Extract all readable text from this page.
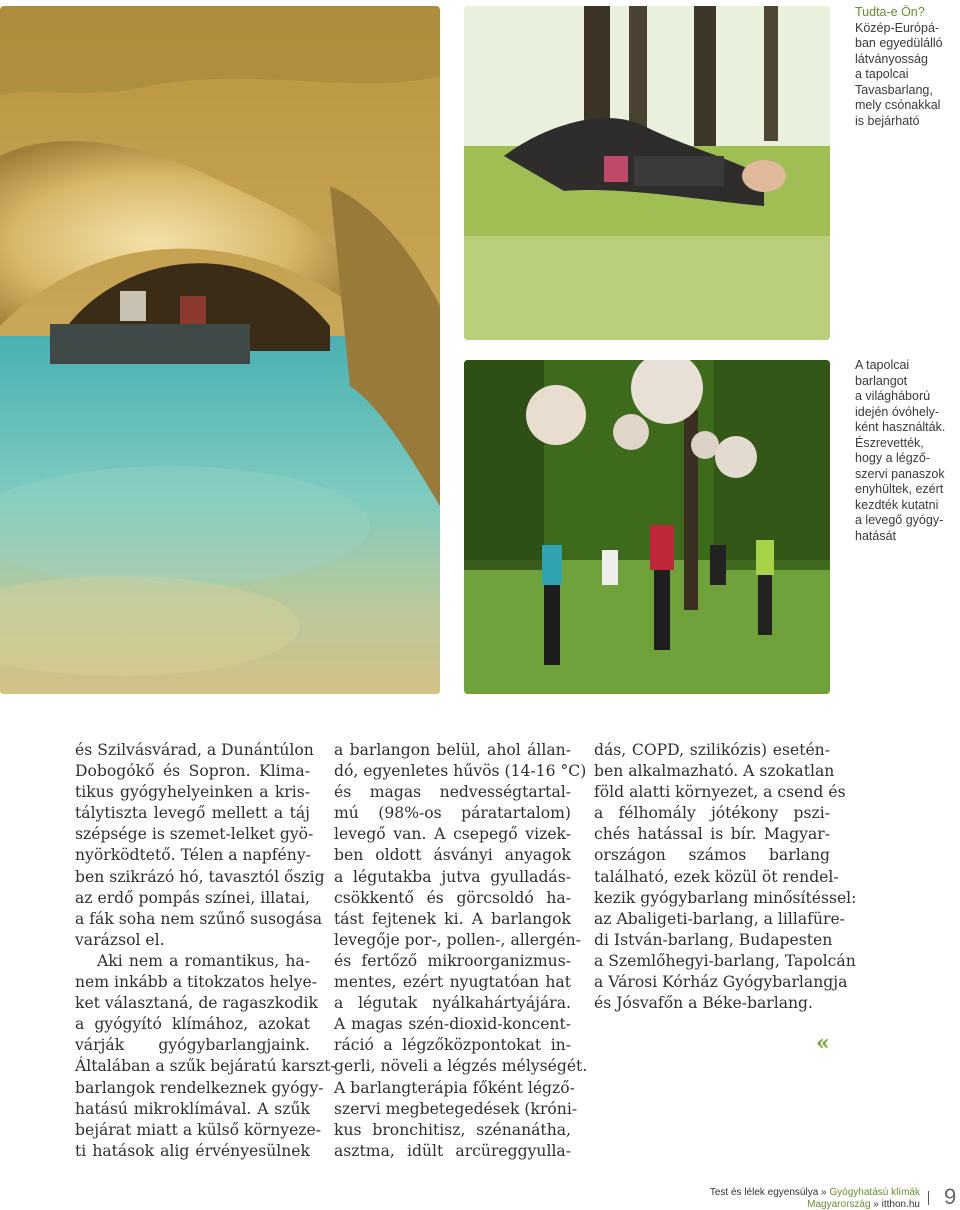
Tudta-e Ön?
Közép-Európá-
ban egyedülálló
látványosság
a tapolcai
Tavasbarlang,
mely csónakkal
is bejárható
A tapolcai
barlangot
a világháború
idején óvóhely-
ként használták.
Észrevették,
hogy a légző-
szervi panaszok
enyhültek, ezért
kezdték kutatni
a levegő gyógy-
hatását

és Szilvásvárad, a Dunántúlon
Dobogókő és Sopron. Klima-
tikus gyógyhelyeinken a kris-
tálytiszta levegő mellett a táj
szépsége is szemet-lelket gyö-
nyörködtető. Télen a napfény-
ben szikrázó hó, tavasztól őszig
az erdő pompás színei, illatai,
a fák soha nem szűnő susogása
varázsol el.

Aki nem a romantikus, ha-
nem inkább a titokzatos helye-
ket választaná, de ragaszkodik
a gyógyító klímához, azokat
várják gyógybarlangjaink.
Általában a szűk bejáratú karszt-
barlangok rendelkeznek gyógy-
hatású mikroklímával. A szűk
bejárat miatt a külső környeze-
ti hatások alig érvényesülnek

a barlangon belül, ahol állan-
dó, egyenletes hűvös (14-16 °C)
és magas nedvességtartal-
mú (98%-os páratartalom)
levegő van. A csepegő vizek-
ben oldott ásványi anyagok
a légutakba jutva gyulladás-
csökkentő és görcsoldó ha-
tást fejtenek ki. A barlangok
levegője por-, pollen-, allergén-
és fertőző mikroorganizmus-
mentes, ezért nyugtatóan hat
a légutak nyálkahártyájára.
A magas szén-dioxid-koncent-
ráció a légzőközpontokat in-
gerli, növeli a légzés mélységét.
A barlangterápia főként légző-
szervi megbetegedések (króni-
kus bronchitisz, szénanátha,
asztma, idült arcüreggyulla-

dás, COPD, szilikózis) esetén-
ben alkalmazható. A szokatlan
föld alatti környezet, a csend és
a félhomály jótékony pszi-
chés hatással is bír. Magyar-
országon számos barlang
található, ezek közül öt rendel-
kezik gyógybarlang minősítéssel:
az Abaligeti-barlang, a lillafüre-
di István-barlang, Budapesten
a Szemlőhegyi-barlang, Tapolcán
a Városi Kórház Gyógybarlangja
és Jósvafőn a Béke-barlang.

«
Test és lélek egyensúlya » Gyógyhatású klímák
Magyarország » itthon.hu 9
